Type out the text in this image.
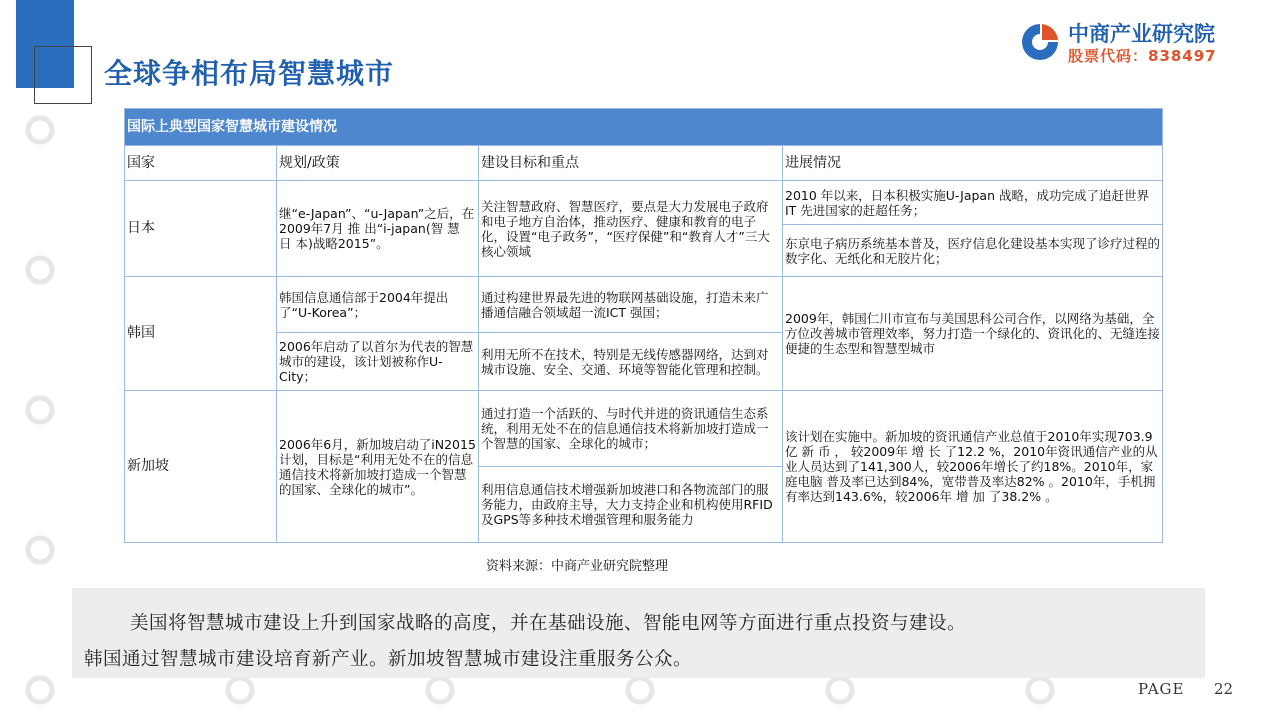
全球争相布局智慧城市
中商产业研究院
股票代码：838497
国际上典型国家智慧城市建设情况			
国家	规划/政策	建设目标和重点	进展情况
日本	继“e-Japan”、“u-Japan”之后，在2009年7月 推 出“i-japan(智 慧 日 本)战略2015”。	关注智慧政府、智慧医疗，要点是大力发展电子政府和电子地方自治体，推动医疗、健康和教育的电子化，设置“电子政务”，“医疗保健”和“教育人才”三大核心领域	2010 年以来，日本积极实施U-Japan 战略，成功完成了追赶世界IT 先进国家的赶超任务；
			东京电子病历系统基本普及，医疗信息化建设基本实现了诊疗过程的数字化、无纸化和无胶片化；
韩国	韩国信息通信部于2004年提出了“U-Korea”；	通过构建世界最先进的物联网基础设施，打造未来广播通信融合领域超一流ICT 强国；	2009年，韩国仁川市宣布与美国思科公司合作，以网络为基础，全方位改善城市管理效率，努力打造一个绿化的、资讯化的、无缝连接便捷的生态型和智慧型城市
	2006年启动了以首尔为代表的智慧城市的建设，该计划被称作U-City；	利用无所不在技术，特别是无线传感器网络，达到对城市设施、安全、交通、环境等智能化管理和控制。	
新加坡	2006年6月，新加坡启动了iN2015计划，目标是“利用无处不在的信息通信技术将新加坡打造成一个智慧的国家、全球化的城市”。	通过打造一个活跃的、与时代并进的资讯通信生态系统，利用无处不在的信息通信技术将新加坡打造成一个智慧的国家、全球化的城市；	该计划在实施中。新加坡的资讯通信产业总值于2010年实现703.9 亿 新 币 ， 较2009年 增 长 了12.2 %，2010年资讯通信产业的从业人员达到了141,300人，较2006年增长了约18%。2010年，家庭电脑 普及率已达到84%，宽带普及率达82% 。2010年，手机拥有率达到143.6%，较2006年 增 加 了38.2% 。
		利用信息通信技术增强新加坡港口和各物流部门的服务能力，由政府主导，大力支持企业和机构使用RFID及GPS等多种技术增强管理和服务能力	
资料来源：中商产业研究院整理

美国将智慧城市建设上升到国家战略的高度，并在基础设施、智能电网等方面进行重点投资与建设。

韩国通过智慧城市建设培育新产业。新加坡智慧城市建设注重服务公众。

PAGE 22
